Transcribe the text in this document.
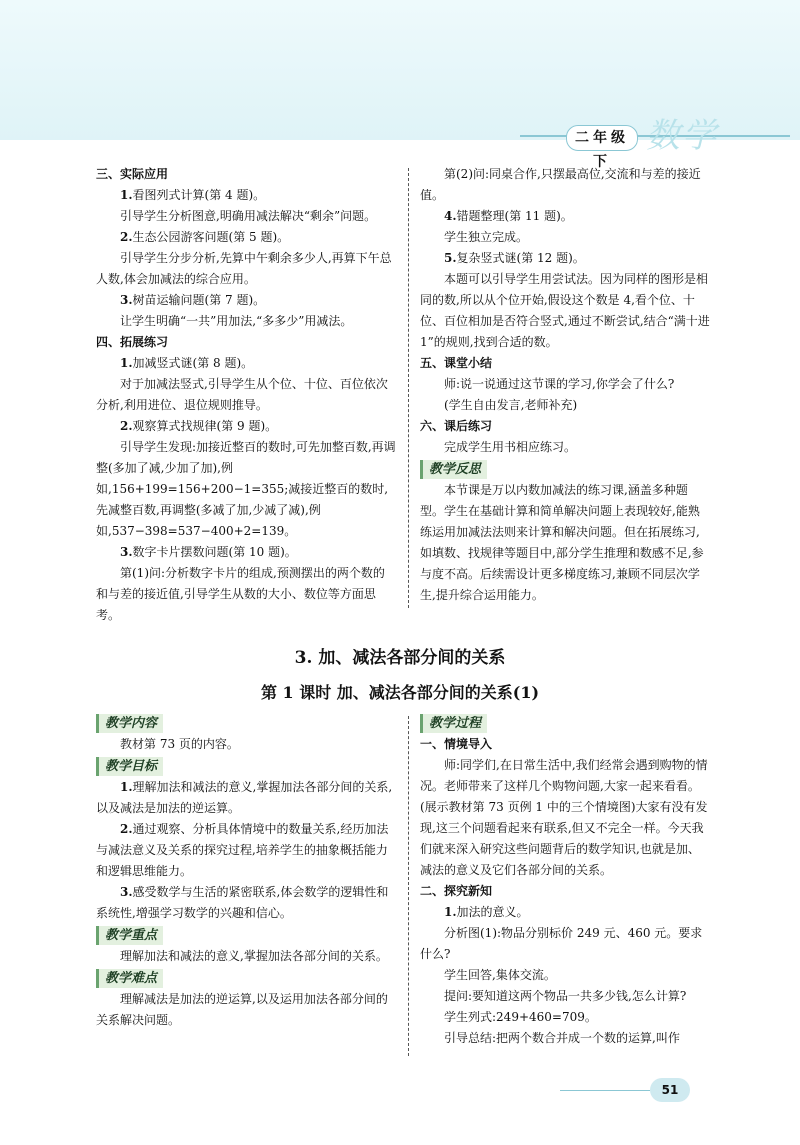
二年级下
数学

三、实际应用

1.看图列式计算(第 4 题)。

引导学生分析图意,明确用减法解决“剩余”问题。

2.生态公园游客问题(第 5 题)。

引导学生分步分析,先算中午剩余多少人,再算下午总人数,体会加减法的综合应用。

3.树苗运输问题(第 7 题)。

让学生明确“一共”用加法,“多多少”用减法。

四、拓展练习

1.加减竖式谜(第 8 题)。

对于加减法竖式,引导学生从个位、十位、百位依次分析,利用进位、退位规则推导。

2.观察算式找规律(第 9 题)。

引导学生发现:加接近整百的数时,可先加整百数,再调整(多加了减,少加了加),例如,156+199=156+200−1=355;减接近整百的数时,先减整百数,再调整(多减了加,少减了减),例如,537−398=537−400+2=139。

3.数字卡片摆数问题(第 10 题)。

第(1)问:分析数字卡片的组成,预测摆出的两个数的和与差的接近值,引导学生从数的大小、数位等方面思考。

第(2)问:同桌合作,只摆最高位,交流和与差的接近值。

4.错题整理(第 11 题)。

学生独立完成。

5.复杂竖式谜(第 12 题)。

本题可以引导学生用尝试法。因为同样的图形是相同的数,所以从个位开始,假设这个数是 4,看个位、十位、百位相加是否符合竖式,通过不断尝试,结合“满十进 1”的规则,找到合适的数。

五、课堂小结

师:说一说通过这节课的学习,你学会了什么?

(学生自由发言,老师补充)

六、课后练习

完成学生用书相应练习。

教学反思

本节课是万以内数加减法的练习课,涵盖多种题型。学生在基础计算和简单解决问题上表现较好,能熟练运用加减法法则来计算和解决问题。但在拓展练习,如填数、找规律等题目中,部分学生推理和数感不足,参与度不高。后续需设计更多梯度练习,兼顾不同层次学生,提升综合运用能力。

3. 加、减法各部分间的关系
第 1 课时 加、减法各部分间的关系(1)
教学内容

教材第 73 页的内容。

教学目标

1.理解加法和减法的意义,掌握加法各部分间的关系,以及减法是加法的逆运算。

2.通过观察、分析具体情境中的数量关系,经历加法与减法意义及关系的探究过程,培养学生的抽象概括能力和逻辑思维能力。

3.感受数学与生活的紧密联系,体会数学的逻辑性和系统性,增强学习数学的兴趣和信心。

教学重点

理解加法和减法的意义,掌握加法各部分间的关系。

教学难点

理解减法是加法的逆运算,以及运用加法各部分间的关系解决问题。

教学过程

一、情境导入

师:同学们,在日常生活中,我们经常会遇到购物的情况。老师带来了这样几个购物问题,大家一起来看看。(展示教材第 73 页例 1 中的三个情境图)大家有没有发现,这三个问题看起来有联系,但又不完全一样。今天我们就来深入研究这些问题背后的数学知识,也就是加、减法的意义及它们各部分间的关系。

二、探究新知

1.加法的意义。

分析图(1):物品分别标价 249 元、460 元。要求什么?

学生回答,集体交流。

提问:要知道这两个物品一共多少钱,怎么计算?

学生列式:249+460=709。

引导总结:把两个数合并成一个数的运算,叫作

51
